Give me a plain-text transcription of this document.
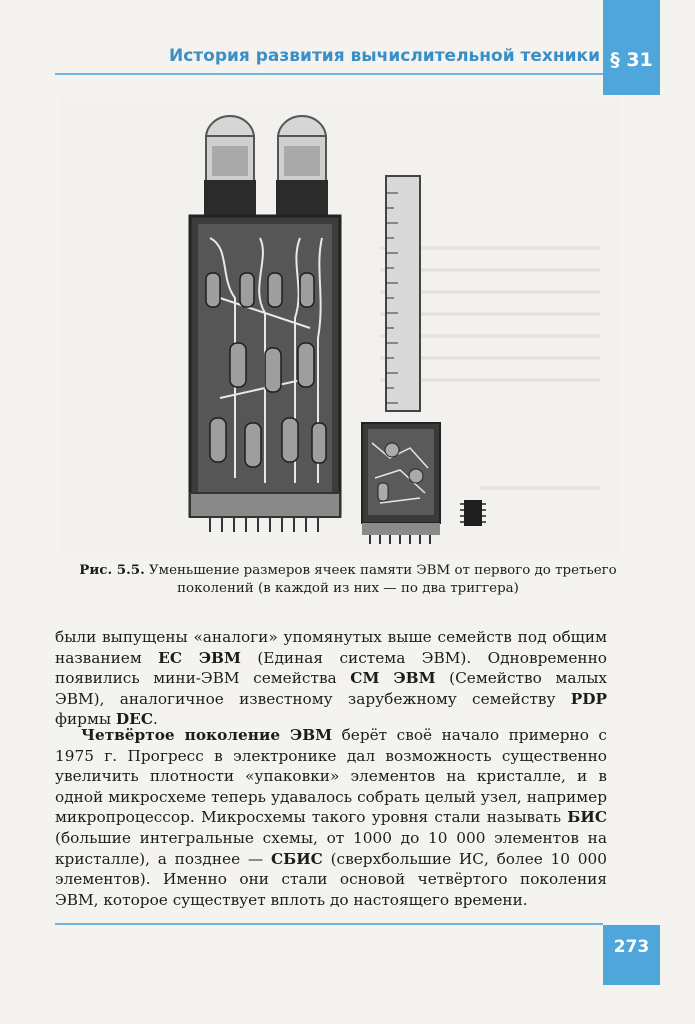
История развития вычислительной техники § 31
Рис. 5.5. Уменьшение размеров ячеек памяти ЭВМ от первого до третьего
поколений (в каждой из них — по два триггера)

были выпущены «аналоги» упомянутых выше семейств под общим названием ЕС ЭВМ (Единая система ЭВМ). Одновременно появились мини-ЭВМ семейства СМ ЭВМ (Семейство малых ЭВМ), аналогичное известному зарубежному семейству PDP фирмы DEC.

Четвёртое поколение ЭВМ берёт своё начало примерно с 1975 г. Прогресс в электронике дал возможность существенно увеличить плотности «упаковки» элементов на кристалле, и в одной микросхеме теперь удавалось собрать целый узел, например микропроцессор. Микросхемы такого уровня стали называть БИС (большие интегральные схемы, от 1000 до 10 000 элементов на кристалле), а позднее — СБИС (сверхбольшие ИС, более 10 000 элементов). Именно они стали основой четвёртого поколения ЭВМ, которое существует вплоть до настоящего времени.

273
